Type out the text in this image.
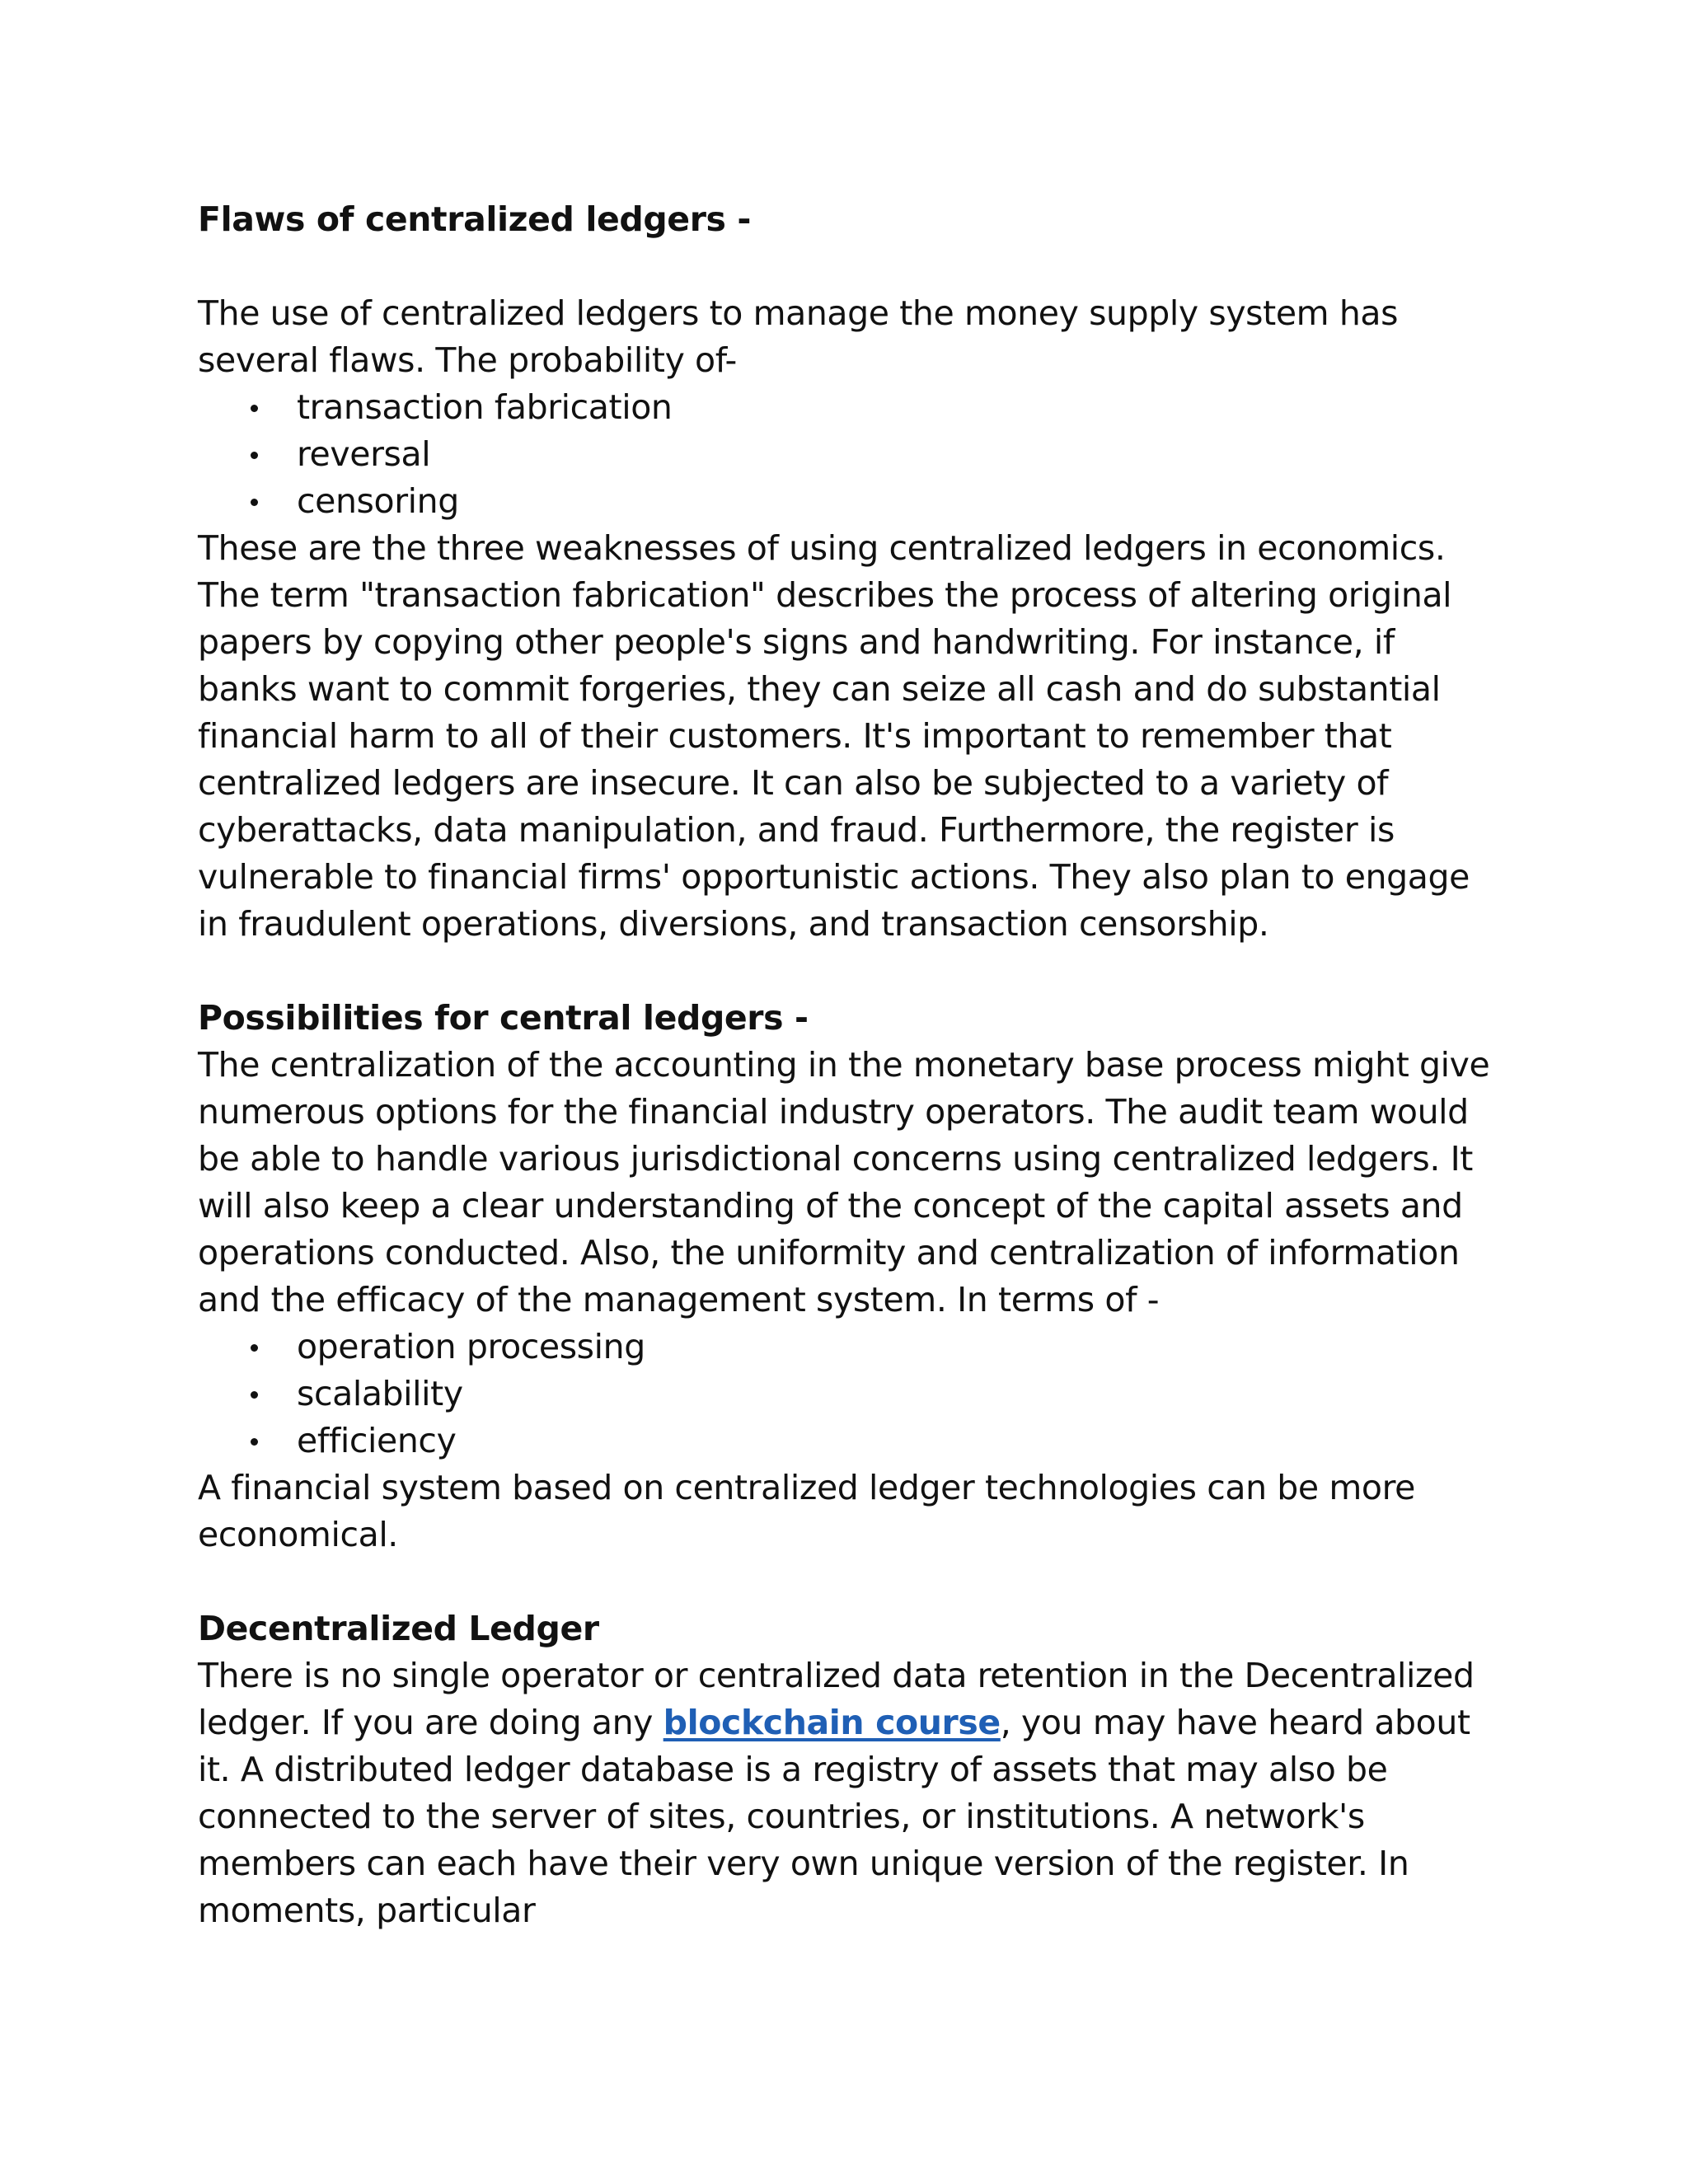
Flaws of centralized ledgers -

The use of centralized ledgers to manage the money supply system has several flaws. The probability of-

transaction fabrication
reversal
censoring

These are the three weaknesses of using centralized ledgers in economics. The term "transaction fabrication" describes the process of altering original papers by copying other people's signs and handwriting. For instance, if banks want to commit forgeries, they can seize all cash and do substantial financial harm to all of their customers. It's important to remember that centralized ledgers are insecure. It can also be subjected to a variety of cyberattacks, data manipulation, and fraud. Furthermore, the register is vulnerable to financial firms' opportunistic actions. They also plan to engage in fraudulent operations, diversions, and transaction censorship.

Possibilities for central ledgers -

The centralization of the accounting in the monetary base process might give numerous options for the financial industry operators. The audit team would be able to handle various jurisdictional concerns using centralized ledgers. It will also keep a clear understanding of the concept of the capital assets and operations conducted. Also, the uniformity and centralization of information and the efficacy of the management system. In terms of -

operation processing
scalability
efficiency

A financial system based on centralized ledger technologies can be more economical.

Decentralized Ledger

There is no single operator or centralized data retention in the Decentralized ledger. If you are doing any blockchain course, you may have heard about it. A distributed ledger database is a registry of assets that may also be connected to the server of sites, countries, or institutions. A network's members can each have their very own unique version of the register. In moments, particular
